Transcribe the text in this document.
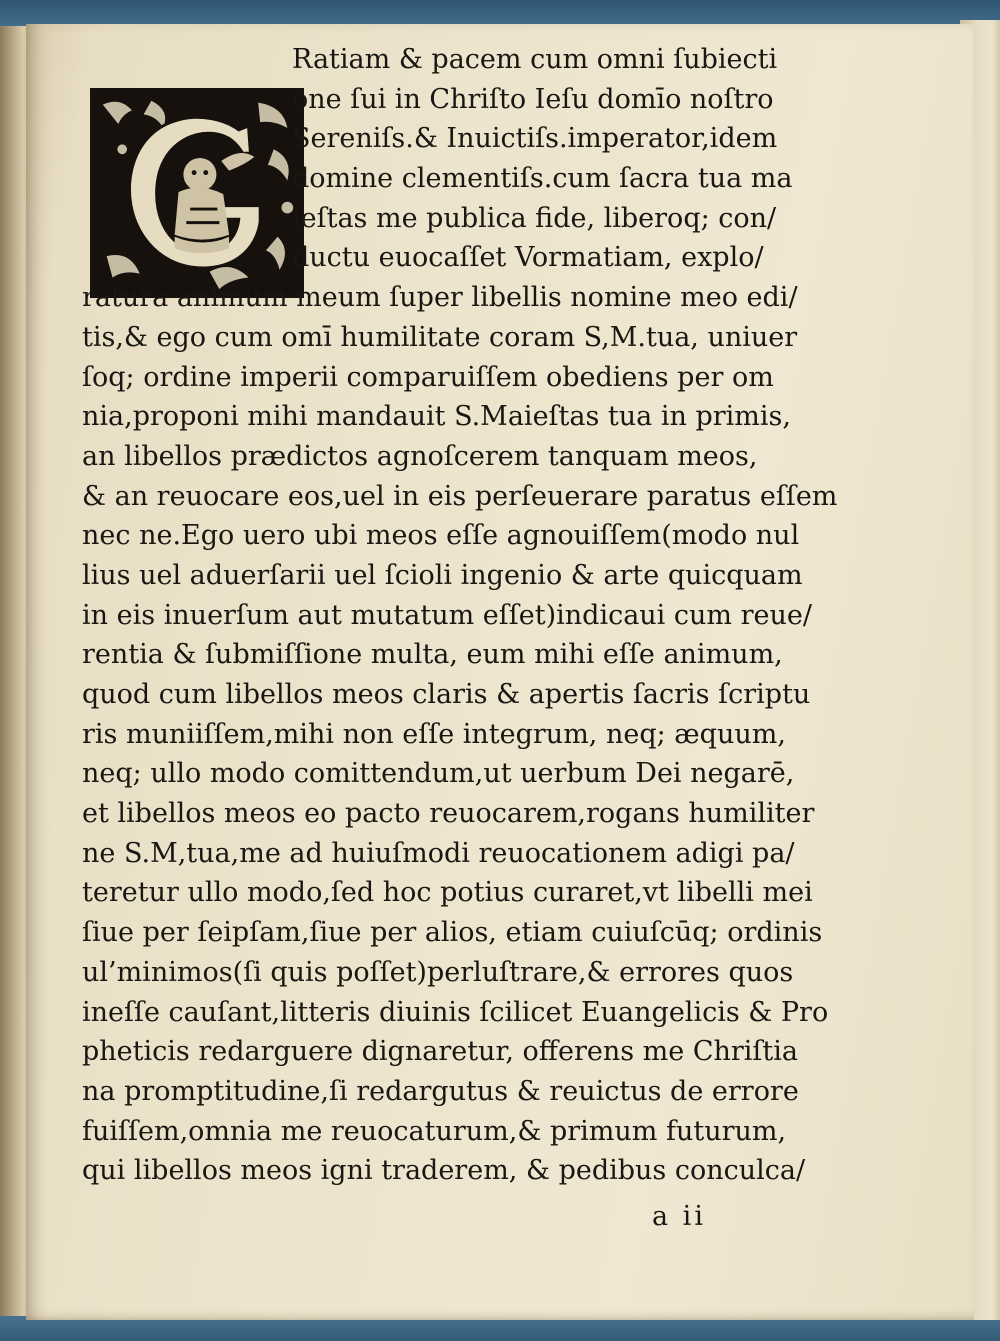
Ratiam & pacem cum omni ſubiecti
one ſui in Chriſto Ieſu domīo noſtro
Sereniſs.& Inuictiſs.imperator,idem
domine clementiſs.cum ſacra tua ma
ieſtas me publica fide, liberoq; con/
ductu euocaſſet Vormatiam, explo/
ratura animum meum ſuper libellis nomine meo edi/
tis,& ego cum omī humilitate coram S,M.tua, uniuer
ſoq; ordine imperii comparuiſſem obediens per om
nia,proponi mihi mandauit S.Maieſtas tua in primis,
an libellos prædictos agnoſcerem tanquam meos,
& an reuocare eos,uel in eis perſeuerare paratus eſſem
nec ne.Ego uero ubi meos eſſe agnouiſſem(modo nul
lius uel aduerſarii uel ſcioli ingenio & arte quicquam
in eis inuerſum aut mutatum eſſet)indicaui cum reue/
rentia & ſubmiſſione multa, eum mihi eſſe animum,
quod cum libellos meos claris & apertis ſacris ſcriptu
ris muniiſſem,mihi non eſſe integrum, neq; æquum,
neq; ullo modo comittendum,ut uerbum Dei negarē,
et libellos meos eo pacto reuocarem,rogans humiliter
ne S.M,tua,me ad huiuſmodi reuocationem adigi pa/
teretur ullo modo,ſed hoc potius curaret,vt libelli mei
ſiue per ſeipſam,ſiue per alios, etiam cuiuſcūq; ordinis
ul’minimos(ſi quis poſſet)perluſtrare,& errores quos
ineſſe cauſant,litteris diuinis ſcilicet Euangelicis & Pro
pheticis redarguere dignaretur, offerens me Chriſtia
na promptitudine,ſi redargutus & reuictus de errore
fuiſſem,omnia me reuocaturum,& primum futurum,
qui libellos meos igni traderem, & pedibus conculca/
a ii
